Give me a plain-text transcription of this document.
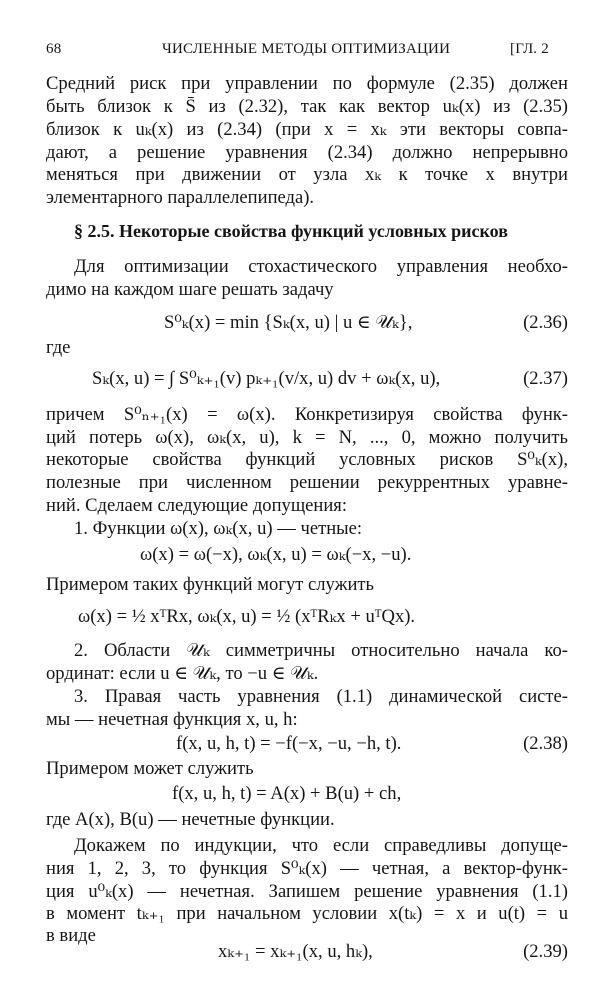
68	ЧИСЛЕННЫЕ МЕТОДЫ ОПТИМИЗАЦИИ	[ГЛ. 2
Средний риск при управлении по формуле (2.35) должен
быть близок к S̄ из (2.32), так как вектор uₖ(x) из (2.35)
близок к uₖ(x) из (2.34) (при x = xₖ эти векторы совпа-
дают, а решение уравнения (2.34) должно непрерывно
меняться при движении от узла xₖ к точке x внутри
элементарного параллелепипеда).
§ 2.5. Некоторые свойства функций условных рисков
Для оптимизации стохастического управления необхо-
димо на каждом шаге решать задачу
S⁰ₖ(x) = min {Sₖ(x, u) | u ∈ 𝒰ₖ},	(2.36)
где
Sₖ(x, u) = ∫ S⁰ₖ₊₁(v) pₖ₊₁(v/x, u) dv + ωₖ(x, u),	(2.37)
причем S⁰ₙ₊₁(x) = ω(x). Конкретизируя свойства функ-
ций потерь ω(x), ωₖ(x, u), k = N, ..., 0, можно получить
некоторые свойства функций условных рисков S⁰ₖ(x),
полезные при численном решении рекуррентных уравне-
ний. Сделаем следующие допущения:
1. Функции ω(x), ωₖ(x, u) — четные:
ω(x) = ω(−x), ωₖ(x, u) = ωₖ(−x, −u).
Примером таких функций могут служить
ω(x) = ½ xᵀRx, ωₖ(x, u) = ½ (xᵀRₖx + uᵀQx).
2. Области 𝒰ₖ симметричны относительно начала ко-
ординат: если u ∈ 𝒰ₖ, то −u ∈ 𝒰ₖ.
3. Правая часть уравнения (1.1) динамической систе-
мы — нечетная функция x, u, h:
f(x, u, h, t) = −f(−x, −u, −h, t).	(2.38)
Примером может служить
f(x, u, h, t) = A(x) + B(u) + ch,
где A(x), B(u) — нечетные функции.
Докажем по индукции, что если справедливы допуще-
ния 1, 2, 3, то функция S⁰ₖ(x) — четная, а вектор-функ-
ция u⁰ₖ(x) — нечетная. Запишем решение уравнения (1.1)
в момент tₖ₊₁ при начальном условии x(tₖ) = x и u(t) = u
в виде
xₖ₊₁ = xₖ₊₁(x, u, hₖ),	(2.39)
